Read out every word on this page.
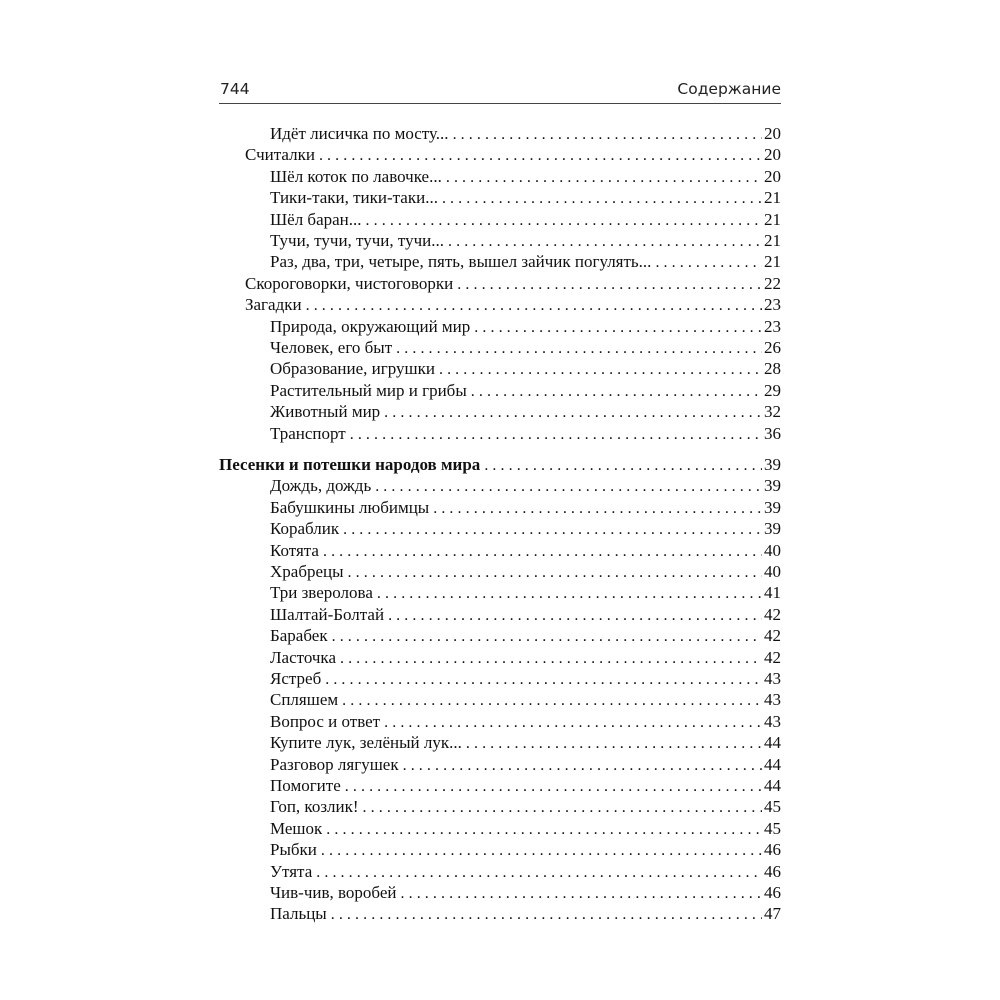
744	Содержание
Идёт лисичка по мосту... .....	20
Считалки .....	20
Шёл коток по лавочке... .....	20
Тики-таки, тики-таки... .....	21
Шёл баран... .....	21
Тучи, тучи, тучи, тучи... .....	21
Раз, два, три, четыре, пять, вышел зайчик погулять... .....	21
Скороговорки, чистоговорки .....	22
Загадки .....	23
Природа, окружающий мир .....	23
Человек, его быт .....	26
Образование, игрушки .....	28
Растительный мир и грибы .....	29
Животный мир .....	32
Транспорт .....	36
Песенки и потешки народов мира .....	39
Дождь, дождь .....	39
Бабушкины любимцы .....	39
Кораблик .....	39
Котята .....	40
Храбрецы .....	40
Три зверолова .....	41
Шалтай-Болтай .....	42
Барабек .....	42
Ласточка .....	42
Ястреб .....	43
Спляшем .....	43
Вопрос и ответ .....	43
Купите лук, зелёный лук... .....	44
Разговор лягушек .....	44
Помогите .....	44
Гоп, козлик! .....	45
Мешок .....	45
Рыбки .....	46
Утята .....	46
Чив-чив, воробей .....	46
Пальцы .....	47
